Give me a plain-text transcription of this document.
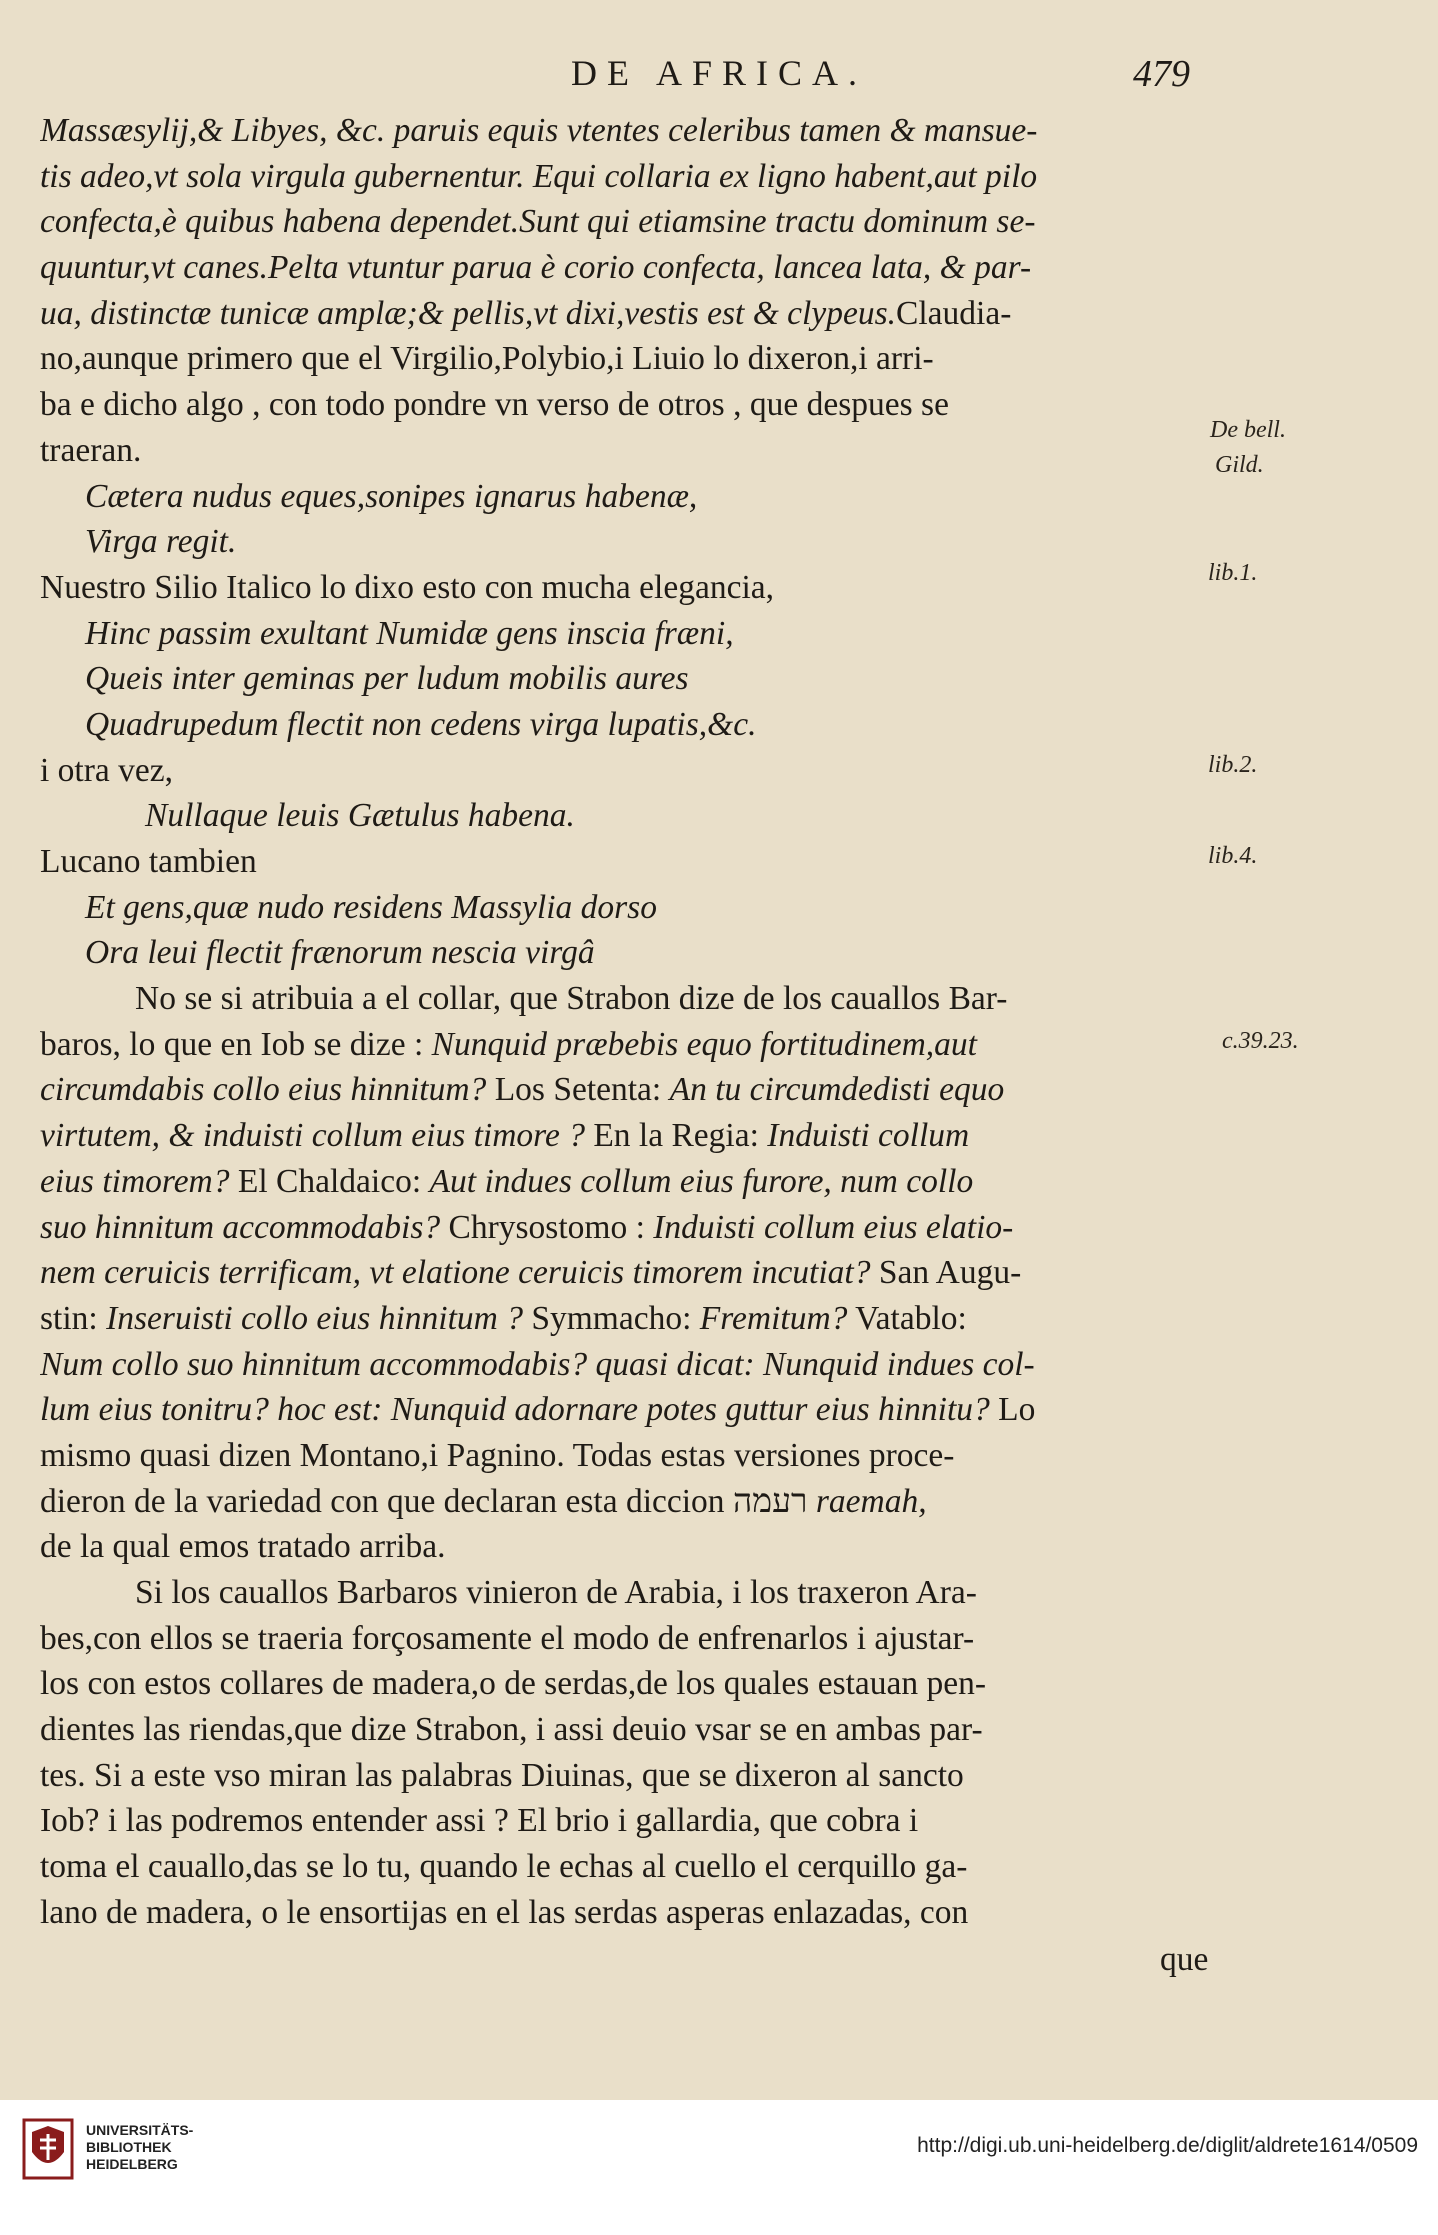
DE AFRICA.	479
Massæsylij,& Libyes, &c. paruis equis vtentes celeribus tamen & mansue-
tis adeo,vt sola virgula gubernentur. Equi collaria ex ligno habent,aut pilo
confecta,è quibus habena dependet.Sunt qui etiamsine tractu dominum se-
quuntur,vt canes.Pelta vtuntur parua è corio confecta, lancea lata, & par-
ua, distinctæ tunicæ amplæ;& pellis,vt dixi,vestis est & clypeus.Claudia-
no,aunque primero que el Virgilio,Polybio,i Liuio lo dixeron,i arri-
ba e dicho algo , con todo pondre vn verso de otros , que despues se
traeran.
Cætera nudus eques,sonipes ignarus habenæ,
Virga regit.
Nuestro Silio Italico lo dixo esto con mucha elegancia,
Hinc passim exultant Numidæ gens inscia fræni,
Queis inter geminas per ludum mobilis aures
Quadrupedum flectit non cedens virga lupatis,&c.
i otra vez,
Nullaque leuis Gætulus habena.
Lucano tambien
Et gens,quæ nudo residens Massylia dorso
Ora leui flectit frænorum nescia virgâ
No se si atribuia a el collar, que Strabon dize de los cauallos Bar-
baros, lo que en Iob se dize : Nunquid præbebis equo fortitudinem,aut
circumdabis collo eius hinnitum? Los Setenta: An tu circumdedisti equo
virtutem, & induisti collum eius timore ? En la Regia: Induisti collum
eius timorem? El Chaldaico: Aut indues collum eius furore, num collo
suo hinnitum accommodabis? Chrysostomo : Induisti collum eius elatio-
nem ceruicis terrificam, vt elatione ceruicis timorem incutiat? San Augu-
stin: Inseruisti collo eius hinnitum ? Symmacho: Fremitum? Vatablo:
Num collo suo hinnitum accommodabis? quasi dicat: Nunquid indues col-
lum eius tonitru? hoc est: Nunquid adornare potes guttur eius hinnitu? Lo
mismo quasi dizen Montano,i Pagnino. Todas estas versiones proce-
dieron de la variedad con que declaran esta diccion רעמה raemah,
de la qual emos tratado arriba.
Si los cauallos Barbaros vinieron de Arabia, i los traxeron Ara-
bes,con ellos se traeria forçosamente el modo de enfrenarlos i ajustar-
los con estos collares de madera,o de serdas,de los quales estauan pen-
dientes las riendas,que dize Strabon, i assi deuio vsar se en ambas par-
tes. Si a este vso miran las palabras Diuinas, que se dixeron al sancto
Iob? i las podremos entender assi ? El brio i gallardia, que cobra i
toma el cauallo,das se lo tu, quando le echas al cuello el cerquillo ga-
lano de madera, o le ensortijas en el las serdas asperas enlazadas, con
que
De bell.
Gild.
lib.1.
lib.2.
lib.4.
c.39.23.
UNIVERSITÄTS-
BIBLIOTHEK
HEIDELBERG
http://digi.ub.uni-heidelberg.de/diglit/aldrete1614/0509
